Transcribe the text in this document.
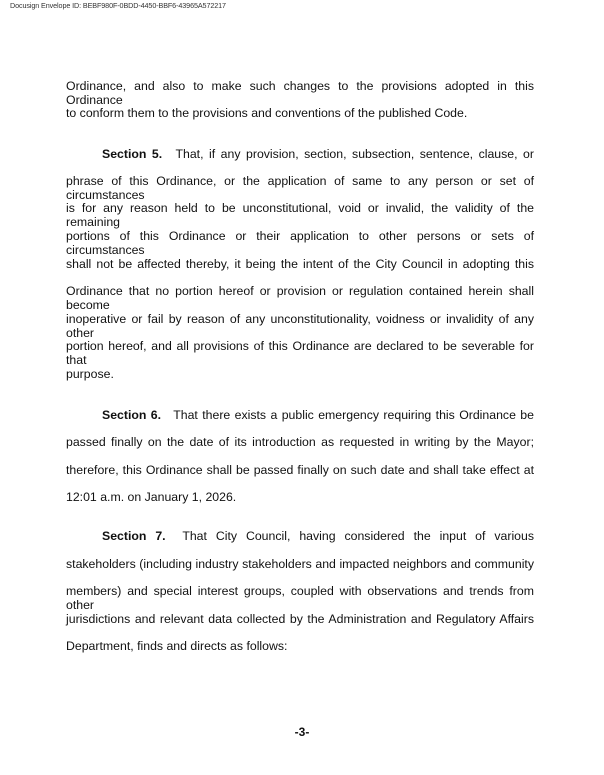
Docusign Envelope ID: BEBF980F-0BDD-4450-BBF6-43965A572217
Ordinance, and also to make such changes to the provisions adopted in this Ordinance
to conform them to the provisions and conventions of the published Code.
Section 5. That, if any provision, section, subsection, sentence, clause, or
phrase of this Ordinance, or the application of same to any person or set of circumstances
is for any reason held to be unconstitutional, void or invalid, the validity of the remaining
portions of this Ordinance or their application to other persons or sets of circumstances
shall not be affected thereby, it being the intent of the City Council in adopting this
Ordinance that no portion hereof or provision or regulation contained herein shall become
inoperative or fail by reason of any unconstitutionality, voidness or invalidity of any other
portion hereof, and all provisions of this Ordinance are declared to be severable for that
purpose.
Section 6. That there exists a public emergency requiring this Ordinance be
passed finally on the date of its introduction as requested in writing by the Mayor;
therefore, this Ordinance shall be passed finally on such date and shall take effect at
12:01 a.m. on January 1, 2026.
Section 7. That City Council, having considered the input of various
stakeholders (including industry stakeholders and impacted neighbors and community
members) and special interest groups, coupled with observations and trends from other
jurisdictions and relevant data collected by the Administration and Regulatory Affairs
Department, finds and directs as follows:
-3-
